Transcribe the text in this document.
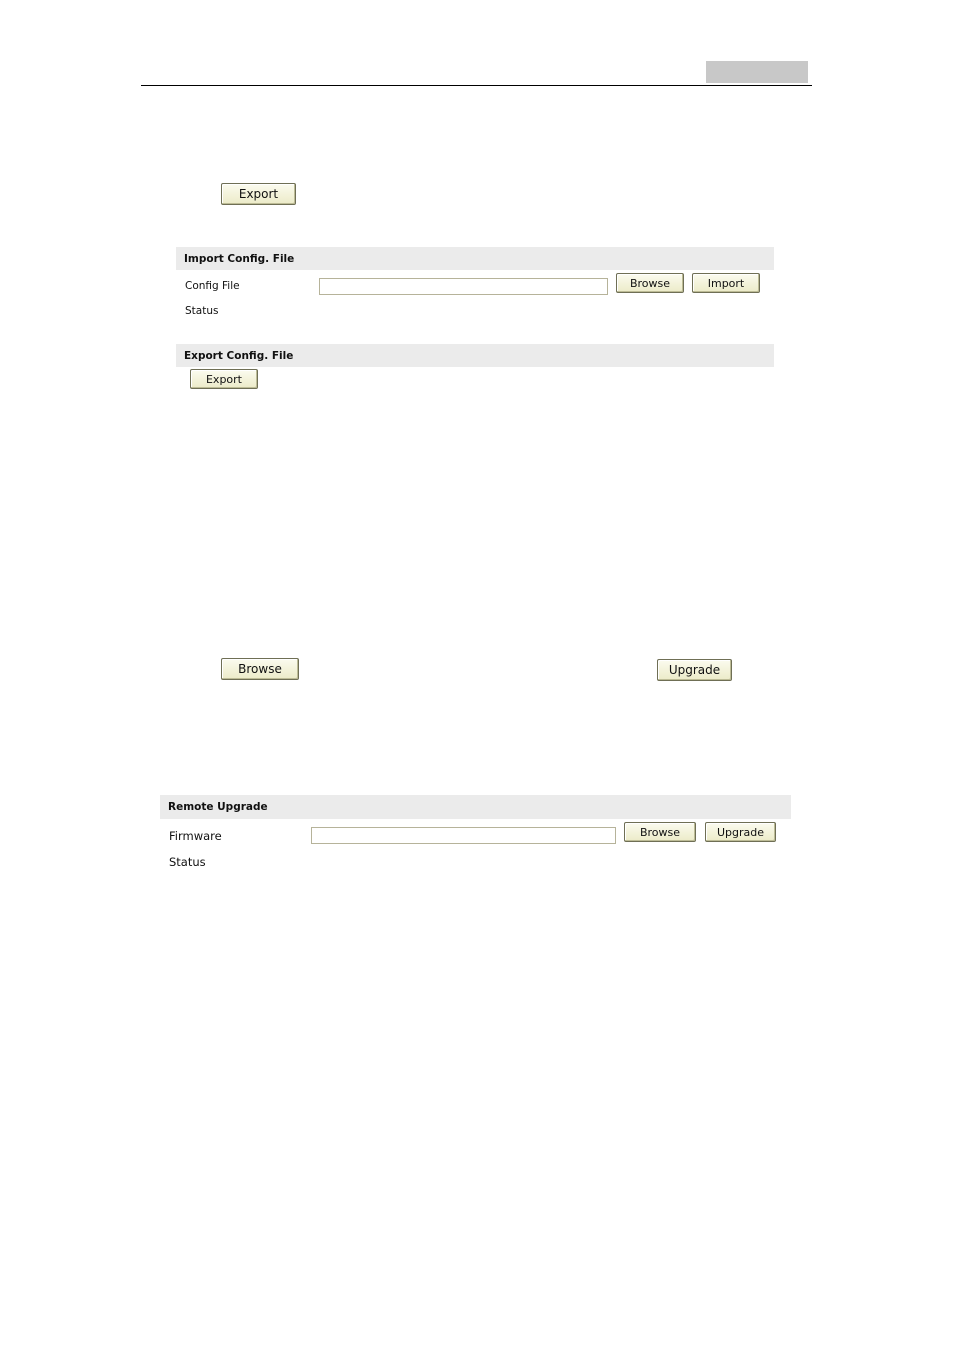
Export
Import Config. File
Config File	Browse	Import
Status
Export Config. File
Export
Browse	Upgrade
Remote Upgrade
Firmware	Browse	Upgrade
Status
